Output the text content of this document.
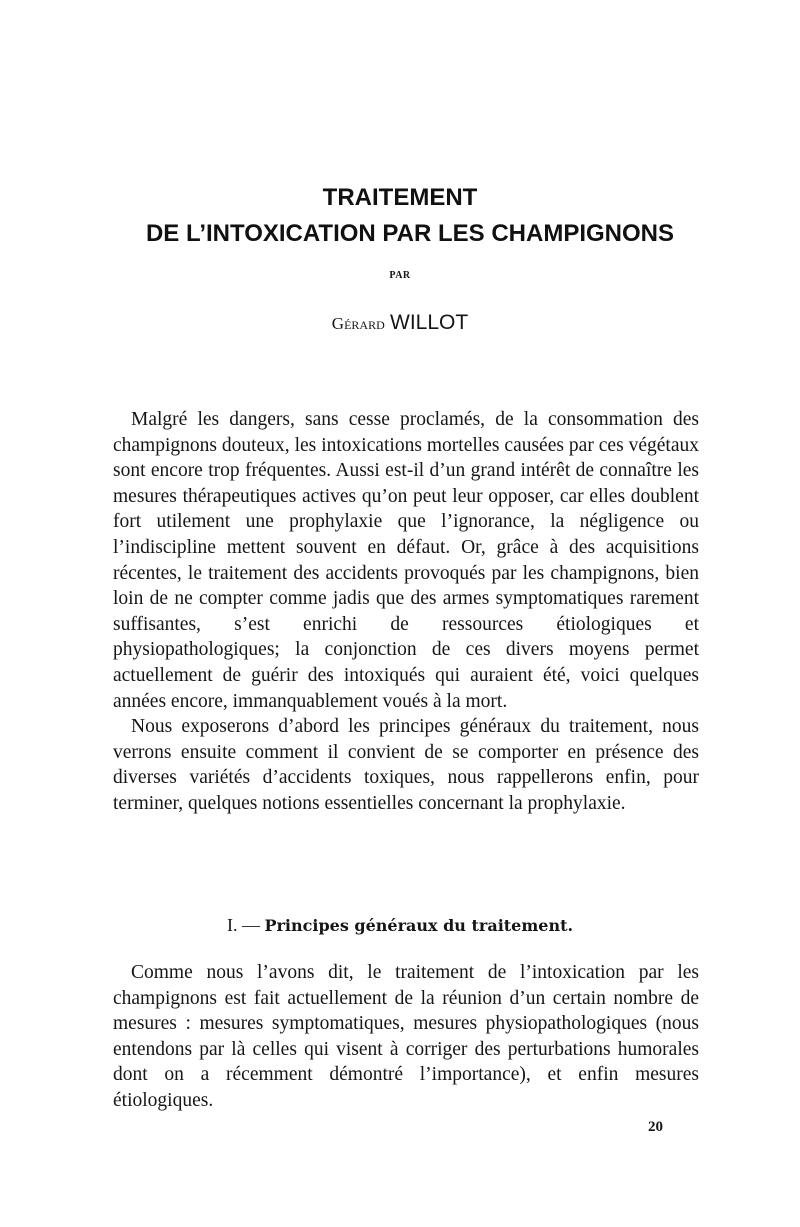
TRAITEMENT
DE L’INTOXICATION PAR LES CHAMPIGNONS
PAR
Gérard WILLOT

Malgré les dangers, sans cesse proclamés, de la consommation des champignons douteux, les intoxications mortelles causées par ces végétaux sont encore trop fréquentes. Aussi est-il d’un grand intérêt de connaître les mesures thérapeutiques actives qu’on peut leur opposer, car elles doublent fort utilement une prophylaxie que l’ignorance, la négligence ou l’indiscipline mettent souvent en défaut. Or, grâce à des acquisitions récentes, le traitement des accidents provoqués par les champignons, bien loin de ne compter comme jadis que des armes symptomatiques rarement suffisantes, s’est enrichi de ressources étiologiques et physiopathologiques; la conjonction de ces divers moyens permet actuellement de guérir des intoxiqués qui auraient été, voici quelques années encore, immanquablement voués à la mort.

Nous exposerons d’abord les principes généraux du traitement, nous verrons ensuite comment il convient de se comporter en présence des diverses variétés d’accidents toxiques, nous rappellerons enfin, pour terminer, quelques notions essentielles concernant la prophylaxie.

I. — Principes généraux du traitement.

Comme nous l’avons dit, le traitement de l’intoxication par les champignons est fait actuellement de la réunion d’un certain nombre de mesures : mesures symptomatiques, mesures physiopathologiques (nous entendons par là celles qui visent à corriger des perturbations humorales dont on a récemment démontré l’importance), et enfin mesures étiologiques.

20
